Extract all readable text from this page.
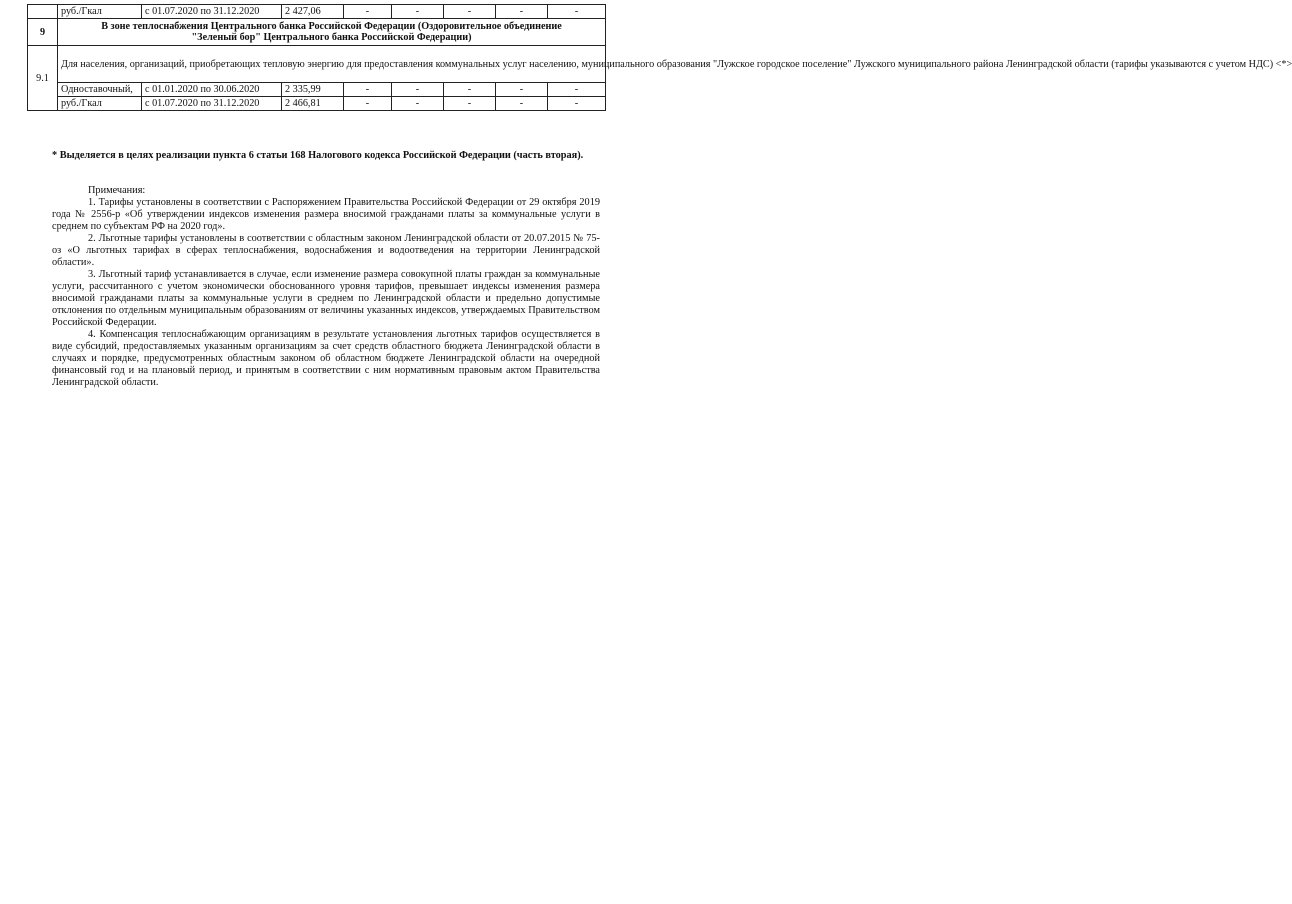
	руб./Гкал	с 01.07.2020 по 31.12.2020	2 427,06	-	-	-	-	-
9	В зоне теплоснабжения Центрального банка Российской Федерации (Оздоровительное объединение
"Зеленый бор" Центрального банка Российской Федерации)							
9.1	Для населения, организаций, приобретающих тепловую энергию для предоставления коммунальных услуг населению, муниципального образования "Лужское городское поселение" Лужского муниципального района Ленинградской области (тарифы указываются с учетом НДС) <*>							
	Одноставочный,	с 01.01.2020 по 30.06.2020	2 335,99	-	-	-	-	-
	руб./Гкал	с 01.07.2020 по 31.12.2020	2 466,81	-	-	-	-	-
* Выделяется в целях реализации пункта 6 статьи 168 Налогового кодекса Российской Федерации (часть вторая).

Примечания:

1. Тарифы установлены в соответствии с Распоряжением Правительства Российской Федерации от 29 октября 2019 года № 2556-р «Об утверждении индексов изменения размера вносимой гражданами платы за коммунальные услуги в среднем по субъектам РФ на 2020 год».

2. Льготные тарифы установлены в соответствии с областным законом Ленинградской области от 20.07.2015 № 75-оз «О льготных тарифах в сферах теплоснабжения, водоснабжения и водоотведения на территории Ленинградской области».

3. Льготный тариф устанавливается в случае, если изменение размера совокупной платы граждан за коммунальные услуги, рассчитанного с учетом экономически обоснованного уровня тарифов, превышает индексы изменения размера вносимой гражданами платы за коммунальные услуги в среднем по Ленинградской области и предельно допустимые отклонения по отдельным муниципальным образованиям от величины указанных индексов, утверждаемых Правительством Российской Федерации.

4. Компенсация теплоснабжающим организациям в результате установления льготных тарифов осуществляется в виде субсидий, предоставляемых указанным организациям за счет средств областного бюджета Ленинградской области в случаях и порядке, предусмотренных областным законом об областном бюджете Ленинградской области на очередной финансовый год и на плановый период, и принятым в соответствии с ним нормативным правовым актом Правительства Ленинградской области.
